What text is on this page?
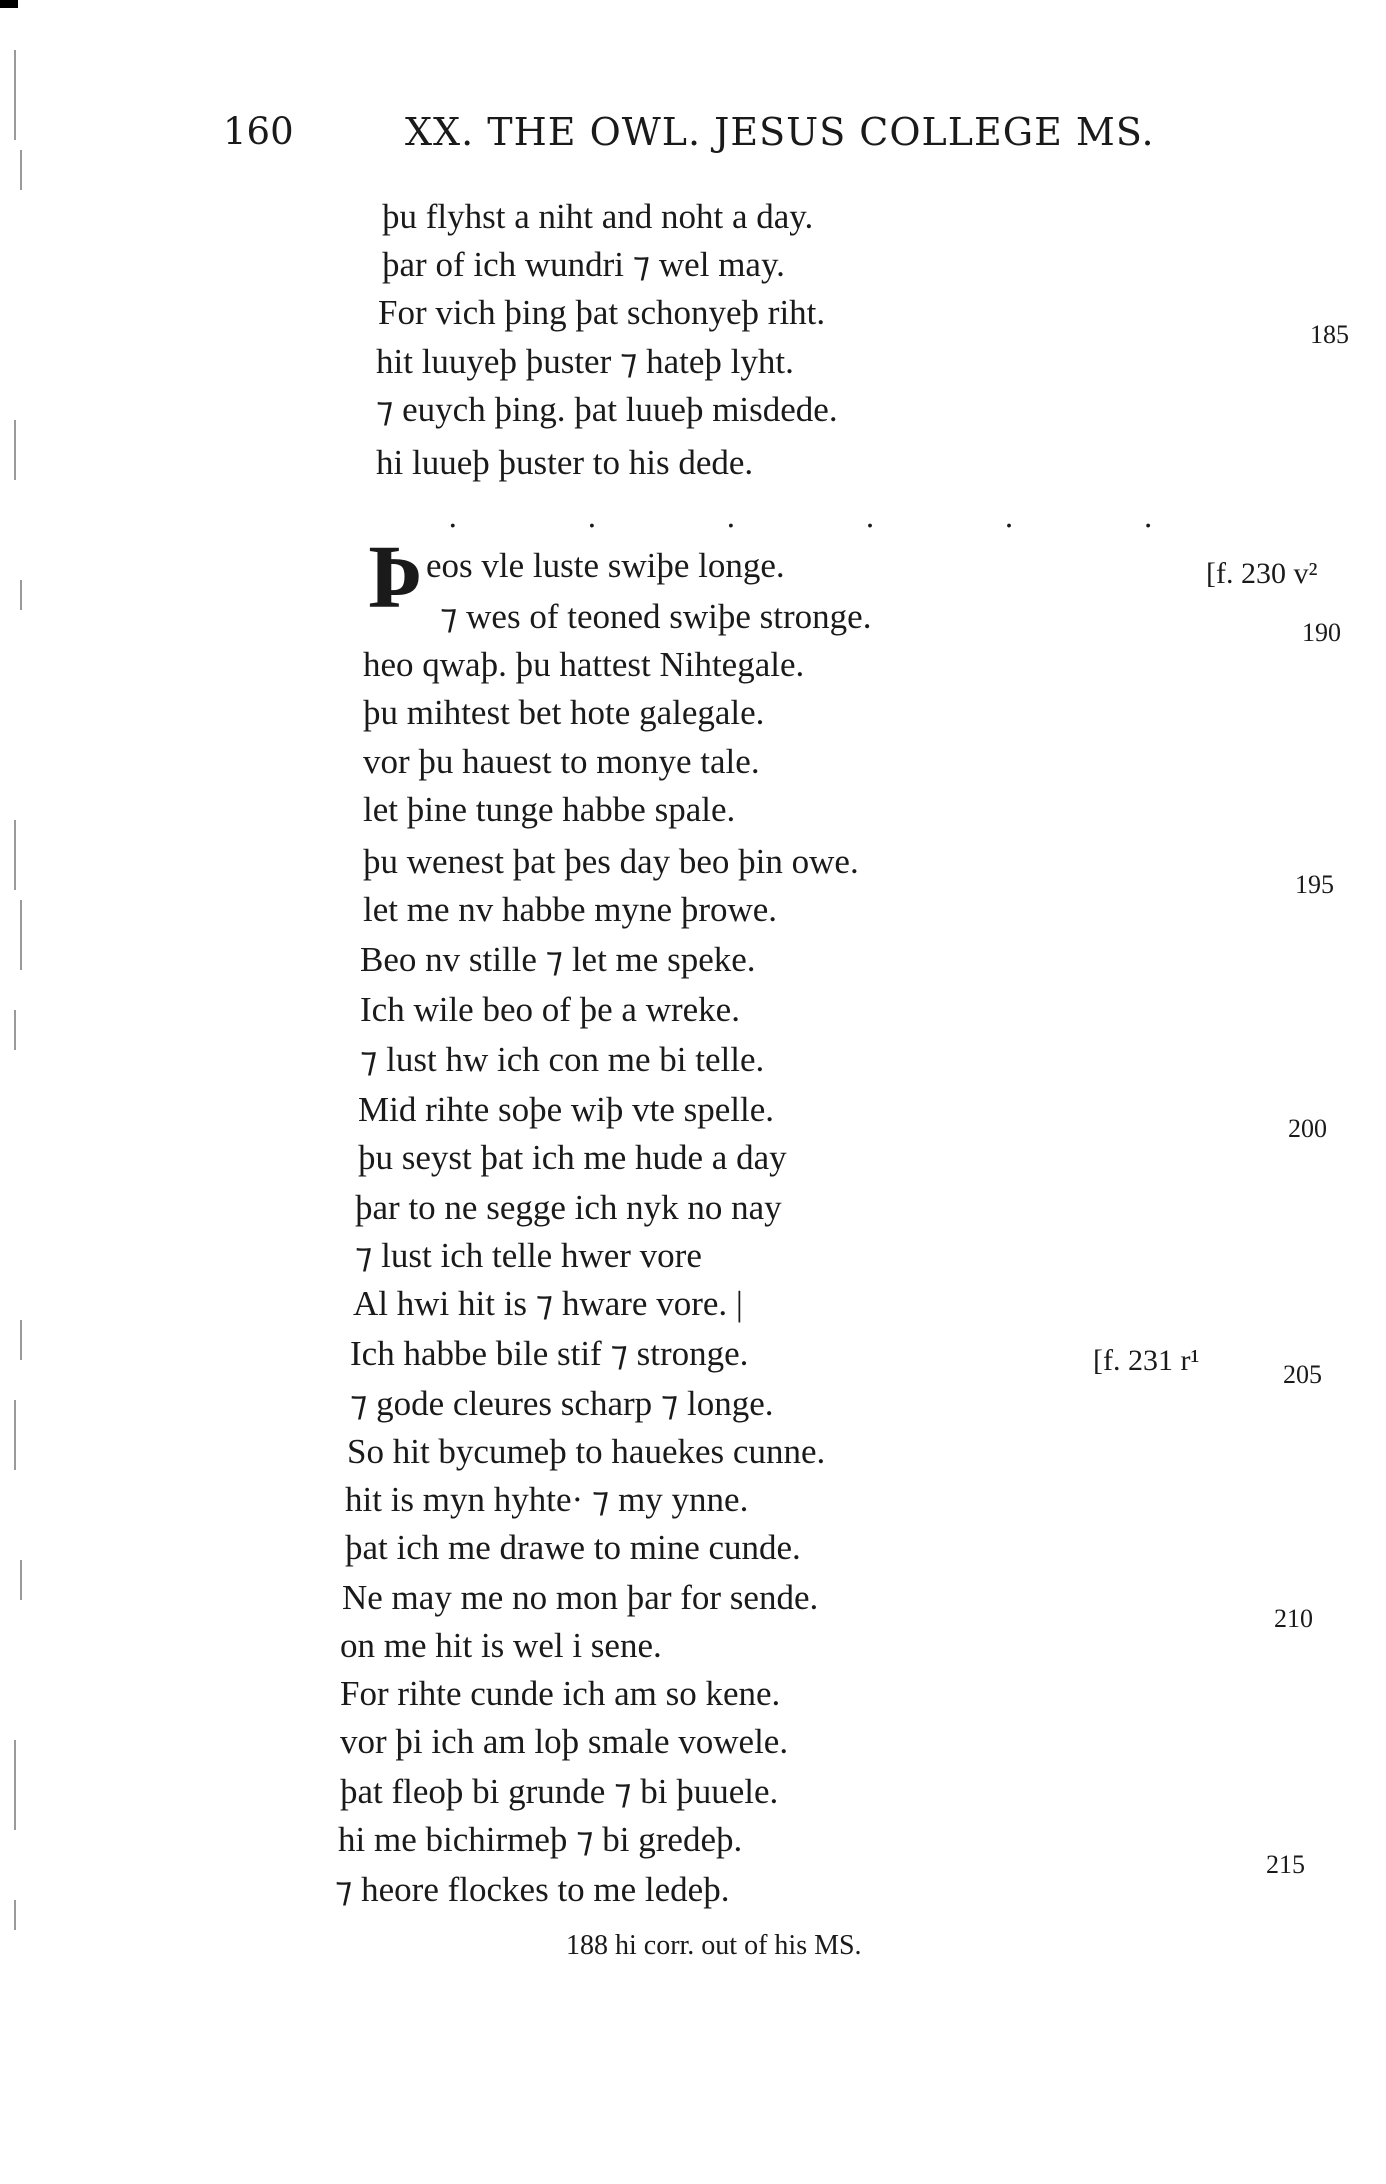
160	XX. THE OWL. JESUS COLLEGE MS.
þu flyhst a niht and noht a day.
þar of ich wundri ⁊ wel may.
For vich þing þat schonyeþ riht.
hit luuyeþ þuster ⁊ hateþ lyht.
⁊ euych þing. þat luueþ misdede.
hi luueþ þuster to his dede.
. . . . . .
Þ eos vle luste swiþe longe.
⁊ wes of teoned swiþe stronge.
heo qwaþ. þu hattest Nihtegale.
þu mihtest bet hote galegale.
vor þu hauest to monye tale.
let þine tunge habbe spale.
þu wenest þat þes day beo þin owe.
let me nv habbe myne þrowe.
Beo nv stille ⁊ let me speke.
Ich wile beo of þe a wreke.
⁊ lust hw ich con me bi telle.
Mid rihte soþe wiþ vte spelle.
þu seyst þat ich me hude a day
þar to ne segge ich nyk no nay
⁊ lust ich telle hwer vore
Al hwi hit is ⁊ hware vore. |
Ich habbe bile stif ⁊ stronge.
⁊ gode cleures scharp ⁊ longe.
So hit bycumeþ to hauekes cunne.
hit is myn hyhte· ⁊ my ynne.
þat ich me drawe to mine cunde.
Ne may me no mon þar for sende.
on me hit is wel i sene.
For rihte cunde ich am so kene.
vor þi ich am loþ smale vowele.
þat fleoþ bi grunde ⁊ bi þuuele.
hi me bichirmeþ ⁊ bi gredeþ.
⁊ heore flockes to me ledeþ.
185
190
195
200
205
210
215
[f. 230 v²
[f. 231 r¹
188 hi corr. out of his MS.
